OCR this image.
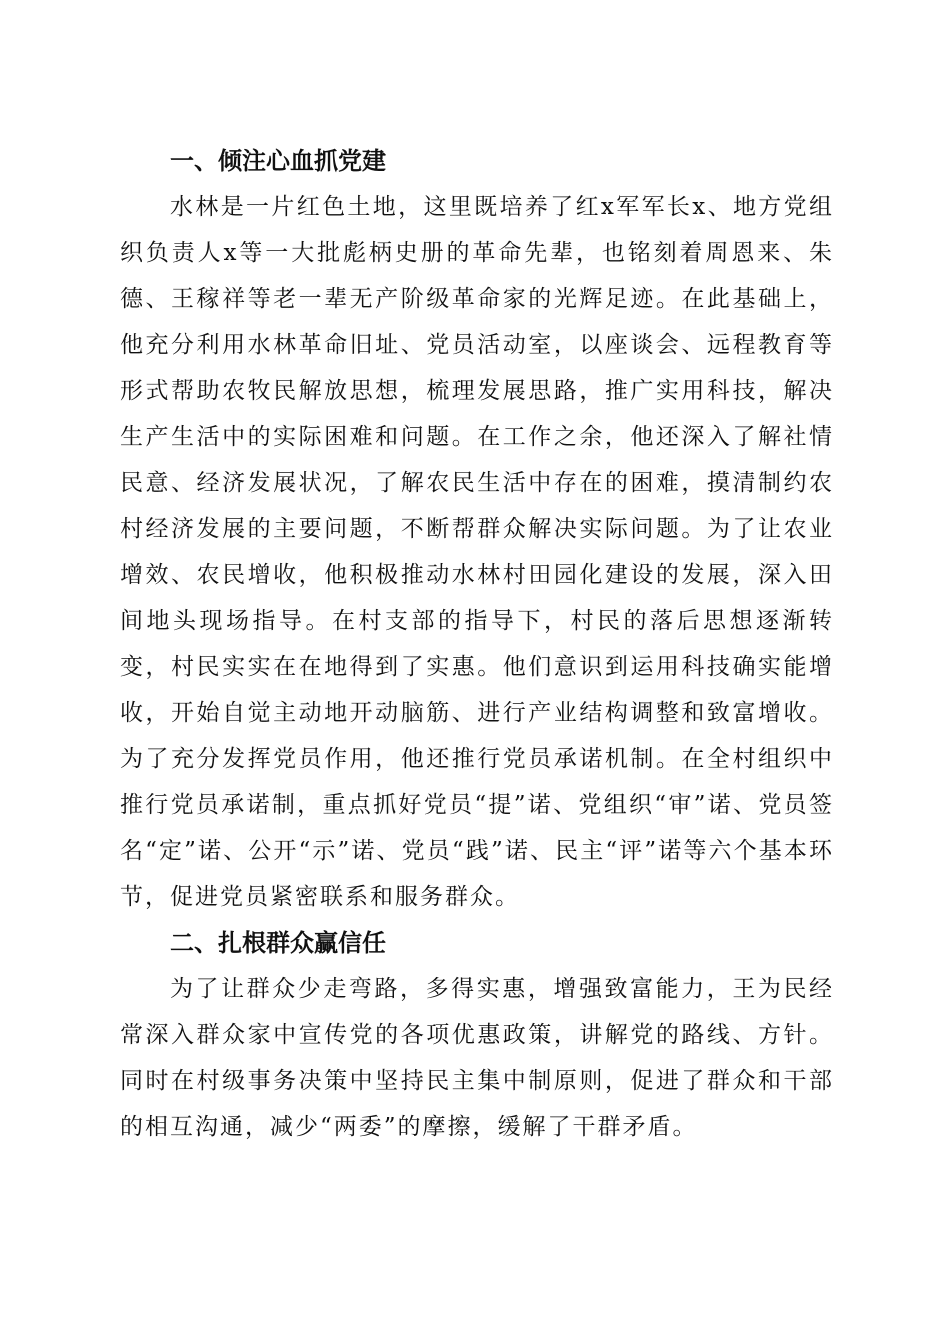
一、倾注心血抓党建

水林是一片红色土地，这里既培养了红x军军长x、地方党组织负责人x等一大批彪柄史册的革命先辈，也铭刻着周恩来、朱德、王稼祥等老一辈无产阶级革命家的光辉足迹。在此基础上，他充分利用水林革命旧址、党员活动室，以座谈会、远程教育等形式帮助农牧民解放思想，梳理发展思路，推广实用科技，解决生产生活中的实际困难和问题。在工作之余，他还深入了解社情民意、经济发展状况，了解农民生活中存在的困难，摸清制约农村经济发展的主要问题，不断帮群众解决实际问题。为了让农业增效、农民增收，他积极推动水林村田园化建设的发展，深入田间地头现场指导。在村支部的指导下，村民的落后思想逐渐转变，村民实实在在地得到了实惠。他们意识到运用科技确实能增收，开始自觉主动地开动脑筋、进行产业结构调整和致富增收。为了充分发挥党员作用，他还推行党员承诺机制。在全村组织中推行党员承诺制，重点抓好党员“提”诺、党组织“审”诺、党员签名“定”诺、公开“示”诺、党员“践”诺、民主“评”诺等六个基本环节，促进党员紧密联系和服务群众。

二、扎根群众赢信任

为了让群众少走弯路，多得实惠，增强致富能力，王为民经常深入群众家中宣传党的各项优惠政策，讲解党的路线、方针。同时在村级事务决策中坚持民主集中制原则，促进了群众和干部的相互沟通，减少“两委”的摩擦，缓解了干群矛盾。
